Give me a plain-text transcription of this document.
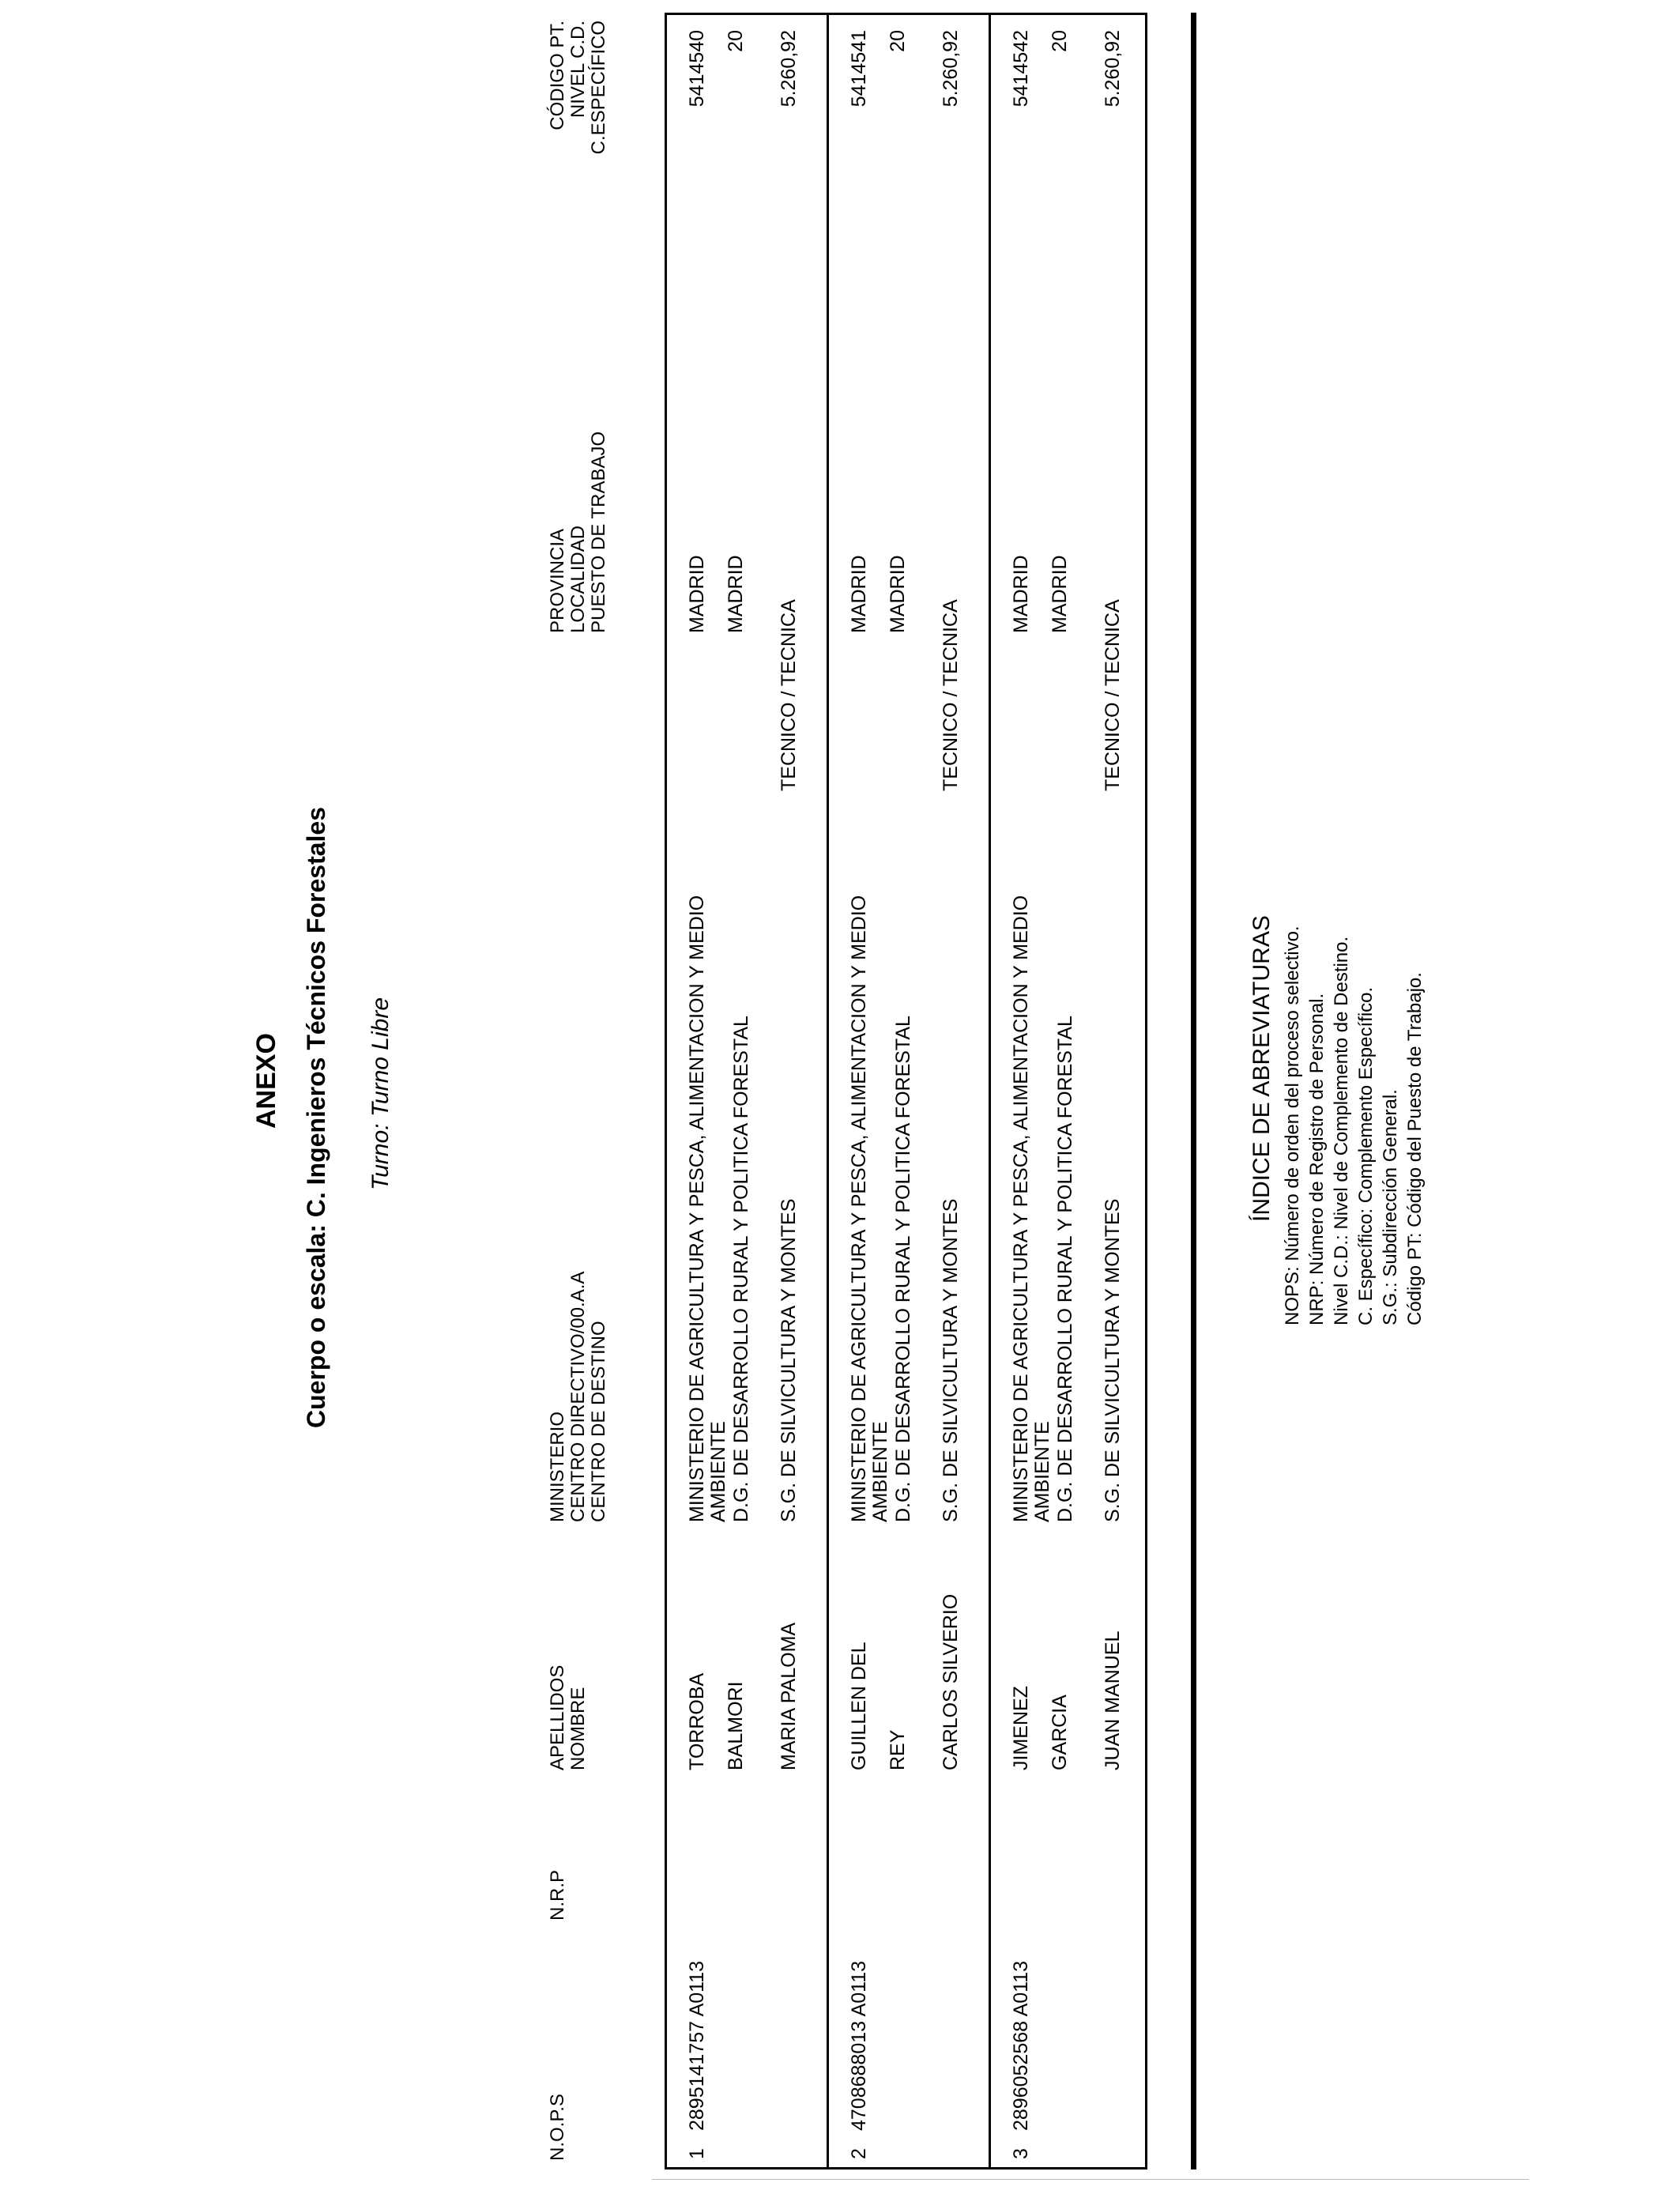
ANEXO Cuerpo o escala: C. Ingenieros Técnicos Forestales Turno: Turno Libre
N.O.P.S
N.R.P
APELLIDOS NOMBRE
MINISTERIO CENTRO DIRECTIVO/00.A.A CENTRO DE DESTINO
PROVINCIA LOCALIDAD PUESTO DE TRABAJO
CÓDIGO PT. NIVEL C.D. C.ESPECÍFICO
1
2895141757 A0113
TORROBA BALMORI MARIA PALOMA
MINISTERIO DE AGRICULTURA Y PESCA, ALIMENTACION Y MEDIO AMBIENTE D.G. DE DESARROLLO RURAL Y POLITICA FORESTAL S.G. DE SILVICULTURA Y MONTES
MADRID MADRID
TECNICO / TECNICA
5414540 20 5.260,92
2
4708688013 A0113
GUILLEN DEL REY CARLOS SILVERIO
MINISTERIO DE AGRICULTURA Y PESCA, ALIMENTACION Y MEDIO AMBIENTE D.G. DE DESARROLLO RURAL Y POLITICA FORESTAL S.G. DE SILVICULTURA Y MONTES
MADRID MADRID
TECNICO / TECNICA
5414541 20 5.260,92
3
2896052568 A0113
JIMENEZ GARCIA JUAN MANUEL
MINISTERIO DE AGRICULTURA Y PESCA, ALIMENTACION Y MEDIO AMBIENTE D.G. DE DESARROLLO RURAL Y POLITICA FORESTAL S.G. DE SILVICULTURA Y MONTES
MADRID MADRID
TECNICO / TECNICA
5414542 20 5.260,92
ÍNDICE DE ABREVIATURAS NOPS: Número de orden del proceso selectivo. NRP: Número de Registro de Personal. Nivel C.D.: Nivel de Complemento de Destino. C. Específico: Complemento Específico. S.G.: Subdirección General. Código PT: Código del Puesto de Trabajo.
